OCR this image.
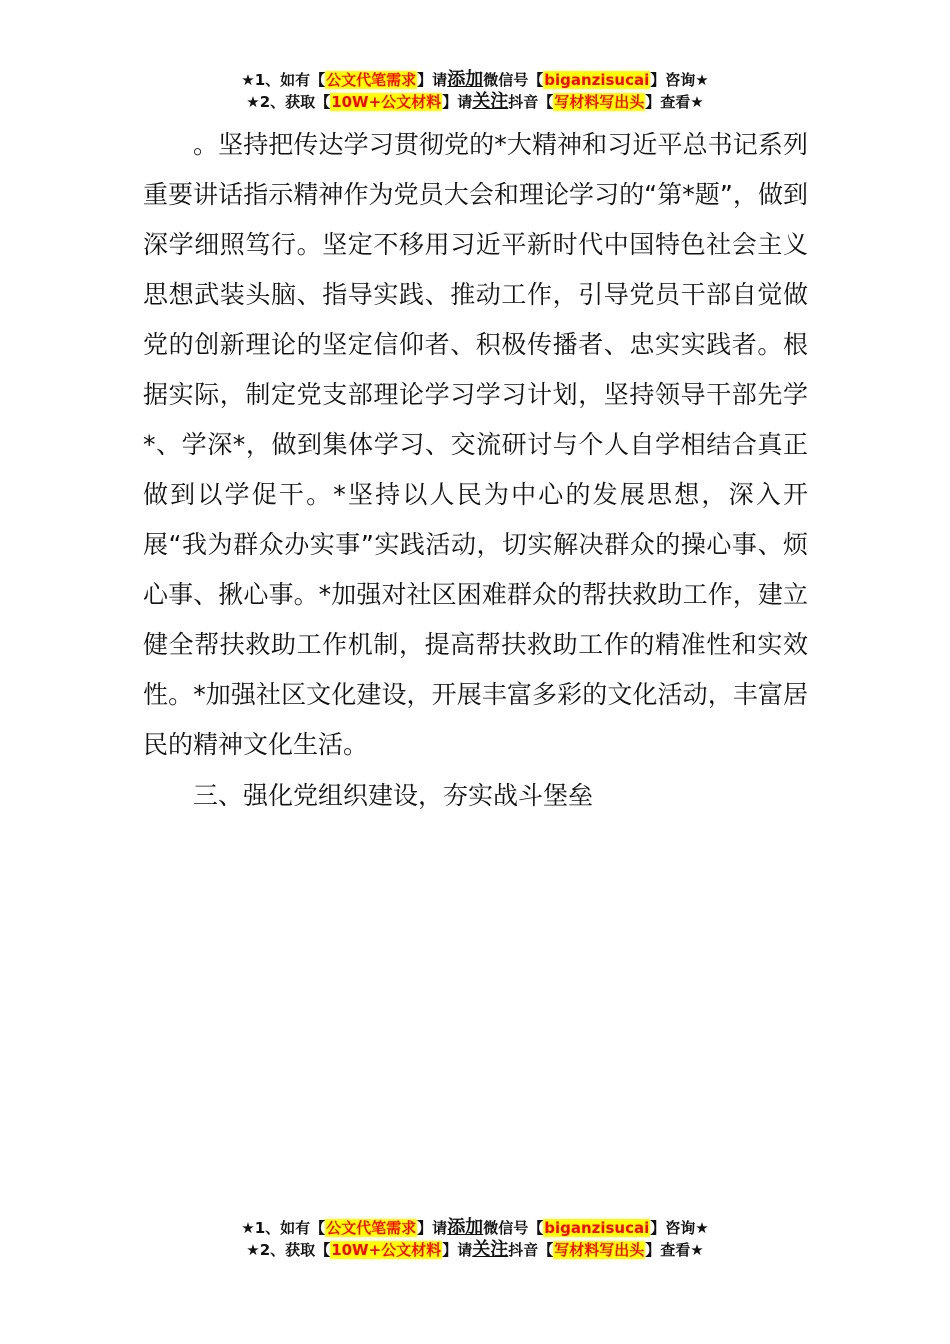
★1、如有【公文代笔需求】请添加微信号【biganzisucai】咨询★
★2、获取【10W+公文材料】请关注抖音【写材料写出头】查看★

。坚持把传达学习贯彻党的*大精神和习近平总书记系列重要讲话指示精神作为党员大会和理论学习的“第*题”，做到深学细照笃行。坚定不移用习近平新时代中国特色社会主义思想武装头脑、指导实践、推动工作，引导党员干部自觉做党的创新理论的坚定信仰者、积极传播者、忠实实践者。根据实际，制定党支部理论学习学习计划，坚持领导干部先学*、学深*，做到集体学习、交流研讨与个人自学相结合真正做到以学促干。*坚持以人民为中心的发展思想，深入开展“我为群众办实事”实践活动，切实解决群众的操心事、烦心事、揪心事。*加强对社区困难群众的帮扶救助工作，建立健全帮扶救助工作机制，提高帮扶救助工作的精准性和实效性。*加强社区文化建设，开展丰富多彩的文化活动，丰富居民的精神文化生活。

三、强化党组织建设，夯实战斗堡垒
★1、如有【公文代笔需求】请添加微信号【biganzisucai】咨询★
★2、获取【10W+公文材料】请关注抖音【写材料写出头】查看★
